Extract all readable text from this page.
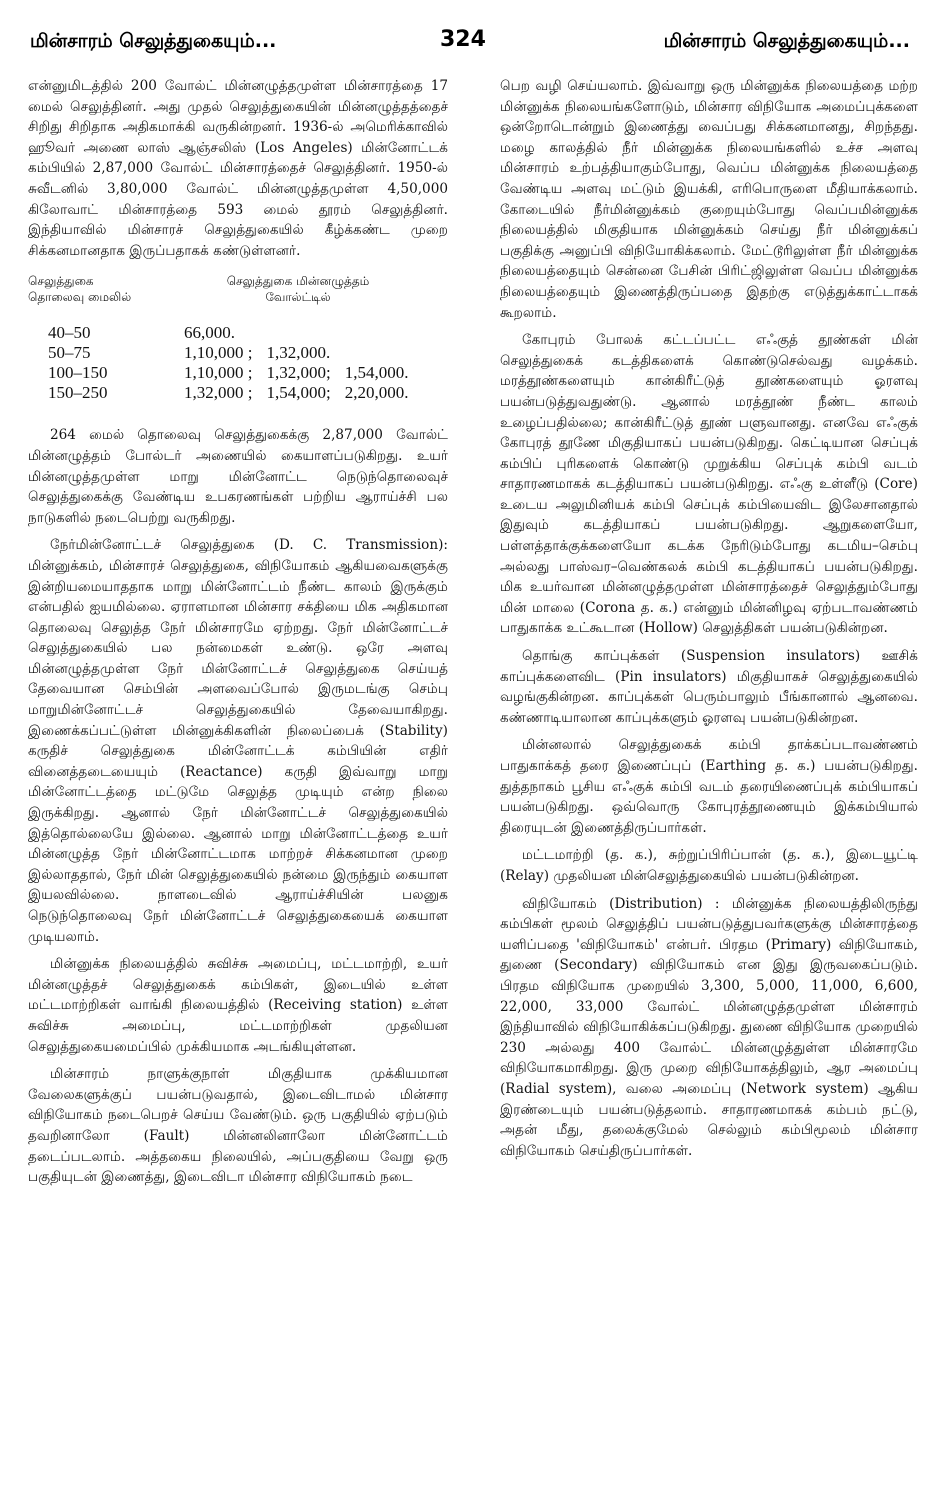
மின்சாரம் செலுத்துகையும்...	324	மின்சாரம் செலுத்துகையும்...

என்னுமிடத்தில் 200 வோல்ட் மின்னழுத்தமுள்ள மின்சாரத்தை 17 மைல் செலுத்தினர். அது முதல் செலுத்துகையின் மின்னழுத்தத்தைச் சிறிது சிறிதாக அதிகமாக்கி வருகின்றனர். 1936-ல் அமெரிக்காவில் ஹூவர் அணை லாஸ் ஆஞ்சலிஸ் (Los Angeles) மின்னோட்டக் கம்பியில் 2,87,000 வோல்ட் மின்சாரத்தைச் செலுத்தினர். 1950-ல் சுவீடனில் 3,80,000 வோல்ட் மின்னழுத்தமுள்ள 4,50,000 கிலோவாட் மின்சாரத்தை 593 மைல் தூரம் செலுத்தினர். இந்தியாவில் மின்சாரச் செலுத்துகையில் கீழ்க்கண்ட முறை சிக்கனமானதாக இருப்பதாகக் கண்டுள்ளனர்.

செலுத்துகை
தொலைவு மைலில்
செலுத்துகை மின்னழுத்தம்
வோல்ட்டில்
40–50	66,000.		
50–75	1,10,000 ;	1,32,000.	
100–150	1,10,000 ;	1,32,000;	1,54,000.
150–250	1,32,000 ;	1,54,000;	2,20,000.

264 மைல் தொலைவு செலுத்துகைக்கு 2,87,000 வோல்ட் மின்னழுத்தம் போல்டர் அணையில் கையாளப்படுகிறது. உயர் மின்னழுத்தமுள்ள மாறு மின்னோட்ட நெடுந்தொலைவுச் செலுத்துகைக்கு வேண்டிய உபகரணங்கள் பற்றிய ஆராய்ச்சி பல நாடுகளில் நடைபெற்று வருகிறது.

நேர்மின்னோட்டச் செலுத்துகை (D. C. Transmission): மின்னுக்கம், மின்சாரச் செலுத்துகை, விநியோகம் ஆகியவைகளுக்கு இன்றியமையாததாக மாறு மின்னோட்டம் நீண்ட காலம் இருக்கும் என்பதில் ஐயமில்லை. ஏராளமான மின்சார சக்தியை மிக அதிகமான தொலைவு செலுத்த நேர் மின்சாரமே ஏற்றது. நேர் மின்னோட்டச் செலுத்துகையில் பல நன்மைகள் உண்டு. ஒரே அளவு மின்னழுத்தமுள்ள நேர் மின்னோட்டச் செலுத்துகை செய்யத் தேவையான செம்பின் அளவைப்போல் இருமடங்கு செம்பு மாறுமின்னோட்டச் செலுத்துகையில் தேவையாகிறது. இணைக்கப்பட்டுள்ள மின்னுக்கிகளின் நிலைப்பைக் (Stability) கருதிச் செலுத்துகை மின்னோட்டக் கம்பியின் எதிர் வினைத்தடையையும் (Reactance) கருதி இவ்வாறு மாறு மின்னோட்டத்தை மட்டுமே செலுத்த முடியும் என்ற நிலை இருக்கிறது. ஆனால் நேர் மின்னோட்டச் செலுத்துகையில் இத்தொல்லையே இல்லை. ஆனால் மாறு மின்னோட்டத்தை உயர் மின்னழுத்த நேர் மின்னோட்டமாக மாற்றச் சிக்கனமான முறை இல்லாததால், நேர் மின் செலுத்துகையில் நன்மை இருந்தும் கையாள இயலவில்லை. நாளடைவில் ஆராய்ச்சியின் பலனுக நெடுந்தொலைவு நேர் மின்னோட்டச் செலுத்துகையைக் கையாள முடியலாம்.

மின்னுக்க நிலையத்தில் சுவிச்சு அமைப்பு, மட்டமாற்றி, உயர் மின்னழுத்தச் செலுத்துகைக் கம்பிகள், இடையில் உள்ள மட்டமாற்றிகள் வாங்கி நிலையத்தில் (Receiving station) உள்ள சுவிச்சு அமைப்பு, மட்டமாற்றிகள் முதலியன செலுத்துகையமைப்பில் முக்கியமாக அடங்கியுள்ளன.

மின்சாரம் நாளுக்குநாள் மிகுதியாக முக்கியமான வேலைகளுக்குப் பயன்படுவதால், இடைவிடாமல் மின்சார விநியோகம் நடைபெறச் செய்ய வேண்டும். ஒரு பகுதியில் ஏற்படும் தவறினாலோ (Fault) மின்னலினாலோ மின்னோட்டம் தடைப்படலாம். அத்தகைய நிலையில், அப்பகுதியை வேறு ஒரு பகுதியுடன் இணைத்து, இடைவிடா மின்சார விநியோகம் நடை

பெற வழி செய்யலாம். இவ்வாறு ஒரு மின்னுக்க நிலையத்தை மற்ற மின்னுக்க நிலையங்களோடும், மின்சார விநியோக அமைப்புக்களை ஒன்றோடொன்றும் இணைத்து வைப்பது சிக்கனமானது, சிறந்தது. மழை காலத்தில் நீர் மின்னுக்க நிலையங்களில் உச்ச அளவு மின்சாரம் உற்பத்தியாகும்போது, வெப்ப மின்னுக்க நிலையத்தை வேண்டிய அளவு மட்டும் இயக்கி, எரிபொருளை மீதியாக்கலாம். கோடையில் நீர்மின்னுக்கம் குறையும்போது வெப்பமின்னுக்க நிலையத்தில் மிகுதியாக மின்னுக்கம் செய்து நீர் மின்னுக்கப் பகுதிக்கு அனுப்பி விநியோகிக்கலாம். மேட்டூரிலுள்ள நீர் மின்னுக்க நிலையத்தையும் சென்னை பேசின் பிரிட்ஜிலுள்ள வெப்ப மின்னுக்க நிலையத்தையும் இணைத்திருப்பதை இதற்கு எடுத்துக்காட்டாகக் கூறலாம்.

கோபுரம் போலக் கட்டப்பட்ட எஃகுத் தூண்கள் மின் செலுத்துகைக் கடத்திகளைக் கொண்டுசெல்வது வழக்கம். மரத்தூண்களையும் கான்கிரீட்டுத் தூண்களையும் ஓரளவு பயன்படுத்துவதுண்டு. ஆனால் மரத்தூண் நீண்ட காலம் உழைப்பதில்லை; கான்கிரீட்டுத் தூண் பளுவானது. எனவே எஃகுக் கோபுரத் தூணே மிகுதியாகப் பயன்படுகிறது. கெட்டியான செப்புக் கம்பிப் புரிகளைக் கொண்டு முறுக்கிய செப்புக் கம்பி வடம் சாதாரணமாகக் கடத்தியாகப் பயன்படுகிறது. எஃகு உள்ளீடு (Core) உடைய அலுமினியக் கம்பி செப்புக் கம்பியைவிட இலேசானதால் இதுவும் கடத்தியாகப் பயன்படுகிறது. ஆறுகளையோ, பள்ளத்தாக்குக்களையோ கடக்க நேரிடும்போது கடமிய–செம்பு அல்லது பாஸ்வர–வெண்கலக் கம்பி கடத்தியாகப் பயன்படுகிறது. மிக உயர்வான மின்னழுத்தமுள்ள மின்சாரத்தைச் செலுத்தும்போது மின் மாலை (Corona த. க.) என்னும் மின்னிழவு ஏற்படாவண்ணம் பாதுகாக்க உட்கூடான (Hollow) செலுத்திகள் பயன்படுகின்றன.

தொங்கு காப்புக்கள் (Suspension insulators) ஊசிக் காப்புக்களைவிட (Pin insulators) மிகுதியாகச் செலுத்துகையில் வழங்குகின்றன. காப்புக்கள் பெரும்பாலும் பீங்கானால் ஆனவை. கண்ணாடியாலான காப்புக்களும் ஓரளவு பயன்படுகின்றன.

மின்னலால் செலுத்துகைக் கம்பி தாக்கப்படாவண்ணம் பாதுகாக்கத் தரை இணைப்புப் (Earthing த. க.) பயன்படுகிறது. துத்தநாகம் பூசிய எஃகுக் கம்பி வடம் தரையிணைப்புக் கம்பியாகப் பயன்படுகிறது. ஒவ்வொரு கோபுரத்தூணையும் இக்கம்பியால் திரையுடன் இணைத்திருப்பார்கள்.

மட்டமாற்றி (த. க.), சுற்றுப்பிரிப்பான் (த. க.), இடையூட்டி (Relay) முதலியன மின்செலுத்துகையில் பயன்படுகின்றன.

விநியோகம் (Distribution) : மின்னுக்க நிலையத்திலிருந்து கம்பிகள் மூலம் செலுத்திப் பயன்படுத்துபவர்களுக்கு மின்சாரத்தை யளிப்பதை 'விநியோகம்' என்பர். பிரதம (Primary) விநியோகம், துணை (Secondary) விநியோகம் என இது இருவகைப்படும். பிரதம விநியோக முறையில் 3,300, 5,000, 11,000, 6,600, 22,000, 33,000 வோல்ட் மின்னழுத்தமுள்ள மின்சாரம் இந்தியாவில் விநியோகிக்கப்படுகிறது. துணை விநியோக முறையில் 230 அல்லது 400 வோல்ட் மின்னழுத்துள்ள மின்சாரமே விநியோகமாகிறது. இரு முறை விநியோகத்திலும், ஆர அமைப்பு (Radial system), வலை அமைப்பு (Network system) ஆகிய இரண்டையும் பயன்படுத்தலாம். சாதாரணமாகக் கம்பம் நட்டு, அதன் மீது, தலைக்குமேல் செல்லும் கம்பிமூலம் மின்சார விநியோகம் செய்திருப்பார்கள்.
